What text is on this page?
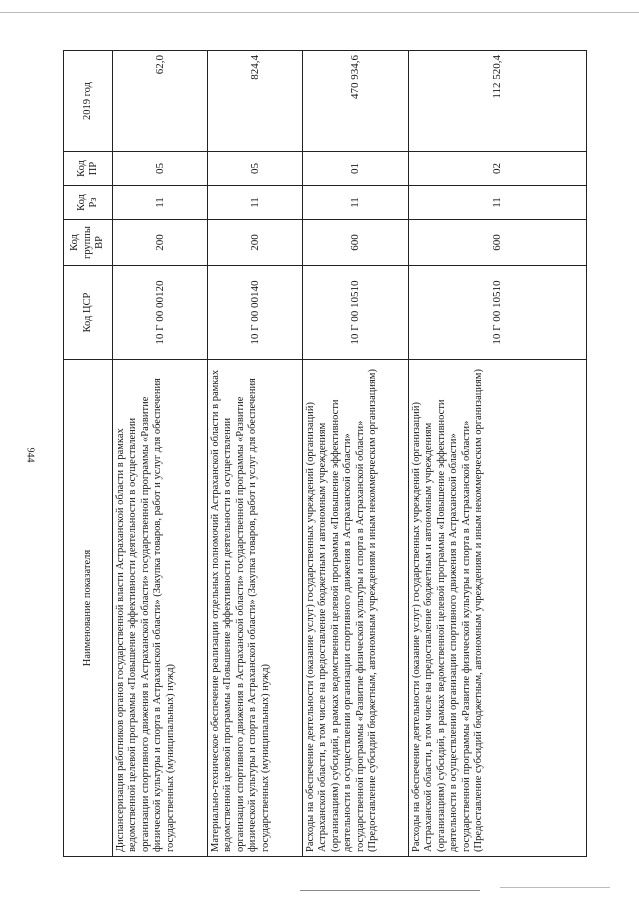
944
Наименование показателя	Код ЦСР	Код группы ВР	Код Рз	Код ПР	2019 год
Диспансеризация работников органов государственной власти Астраханской области в рамках ведомственной целевой программы «Повышение эффективности деятельности в осуществлении организации спортивного движения в Астраханской области» государственной программы «Развитие физической культуры и спорта в Астраханской области» (Закупка товаров, работ и услуг для обеспечения государственных (муниципальных) нужд)	10 Г 00 00120	200	11	05	62,0
Материально-техническое обеспечение реализации отдельных полномочий Астраханской области в рамках ведомственной целевой программы «Повышение эффективности деятельности в осуществлении организации спортивного движения в Астраханской области» государственной программы «Развитие физической культуры и спорта в Астраханской области» (Закупка товаров, работ и услуг для обеспечения государственных (муниципальных) нужд)	10 Г 00 00140	200	11	05	824,4
Расходы на обеспечение деятельности (оказание услуг) государственных учреждений (организаций) Астраханской области, в том числе на предоставление бюджетным и автономным учреждениям (организациям) субсидий, в рамках ведомственной целевой программы «Повышение эффективности деятельности в осуществлении организации спортивного движения в Астраханской области» государственной программы «Развитие физической культуры и спорта в Астраханской области» (Предоставление субсидий бюджетным, автономным учреждениям и иным некоммерческим организациям)	10 Г 00 10510	600	11	01	470 934,6
Расходы на обеспечение деятельности (оказание услуг) государственных учреждений (организаций) Астраханской области, в том числе на предоставление бюджетным и автономным учреждениям (организациям) субсидий, в рамках ведомственной целевой программы «Повышение эффективности деятельности в осуществлении организации спортивного движения в Астраханской области» государственной программы «Развитие физической культуры и спорта в Астраханской области» (Предоставление субсидий бюджетным, автономным учреждениям и иным некоммерческим организациям)	10 Г 00 10510	600	11	02	112 520,4
